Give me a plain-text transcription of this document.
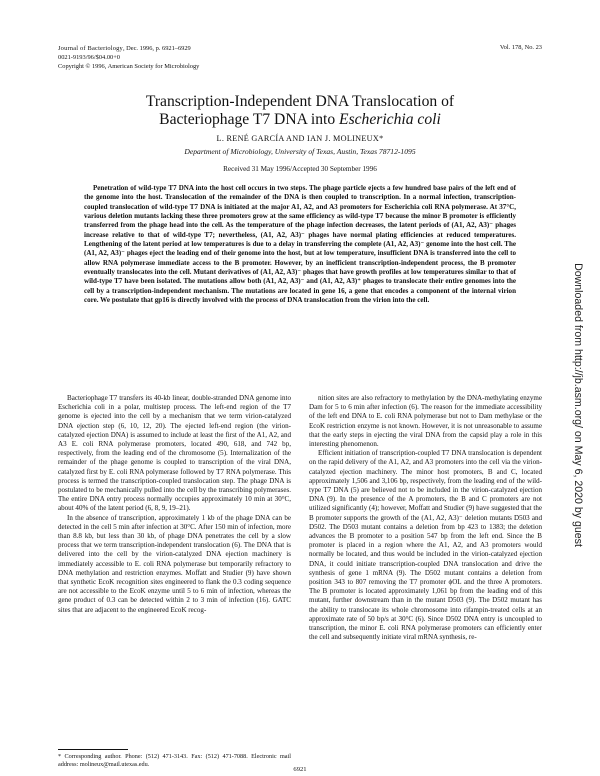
Journal of Bacteriology, Dec. 1996, p. 6921–6929
0021-9193/96/$04.00+0
Copyright © 1996, American Society for Microbiology
Vol. 178, No. 23
Transcription-Independent DNA Translocation of
Bacteriophage T7 DNA into Escherichia coli
L. RENÉ GARCÍA AND IAN J. MOLINEUX*
Department of Microbiology, University of Texas, Austin, Texas 78712-1095
Received 31 May 1996/Accepted 30 September 1996

Penetration of wild-type T7 DNA into the host cell occurs in two steps. The phage particle ejects a few hundred base pairs of the left end of the genome into the host. Translocation of the remainder of the DNA is then coupled to transcription. In a normal infection, transcription-coupled translocation of wild-type T7 DNA is initiated at the major A1, A2, and A3 promoters for Escherichia coli RNA polymerase. At 37°C, various deletion mutants lacking these three promoters grow at the same efficiency as wild-type T7 because the minor B promoter is efficiently transferred from the phage head into the cell. As the temperature of the phage infection decreases, the latent periods of (A1, A2, A3)⁻ phages increase relative to that of wild-type T7; nevertheless, (A1, A2, A3)⁻ phages have normal plating efficiencies at reduced temperatures. Lengthening of the latent period at low temperatures is due to a delay in transferring the complete (A1, A2, A3)⁻ genome into the host cell. The (A1, A2, A3)⁻ phages eject the leading end of their genome into the host, but at low temperature, insufficient DNA is transferred into the cell to allow RNA polymerase immediate access to the B promoter. However, by an inefficient transcription-independent process, the B promoter eventually translocates into the cell. Mutant derivatives of (A1, A2, A3)⁻ phages that have growth profiles at low temperatures similar to that of wild-type T7 have been isolated. The mutations allow both (A1, A2, A3)⁻ and (A1, A2, A3)⁺ phages to translocate their entire genomes into the cell by a transcription-independent mechanism. The mutations are located in gene 16, a gene that encodes a component of the internal virion core. We postulate that gp16 is directly involved with the process of DNA translocation from the virion into the cell.

Bacteriophage T7 transfers its 40-kb linear, double-stranded DNA genome into Escherichia coli in a polar, multistep process. The left-end region of the T7 genome is ejected into the cell by a mechanism that we term virion-catalyzed DNA ejection step (6, 10, 12, 20). The ejected left-end region (the virion-catalyzed ejection DNA) is assumed to include at least the first of the A1, A2, and A3 E. coli RNA polymerase promoters, located 490, 618, and 742 bp, respectively, from the leading end of the chromosome (5). Internalization of the remainder of the phage genome is coupled to transcription of the viral DNA, catalyzed first by E. coli RNA polymerase followed by T7 RNA polymerase. This process is termed the transcription-coupled translocation step. The phage DNA is postulated to be mechanically pulled into the cell by the transcribing polymerases. The entire DNA entry process normally occupies approximately 10 min at 30°C, about 40% of the latent period (6, 8, 9, 19–21).

In the absence of transcription, approximately 1 kb of the phage DNA can be detected in the cell 5 min after infection at 30°C. After 150 min of infection, more than 8.8 kb, but less than 30 kb, of phage DNA penetrates the cell by a slow process that we term transcription-independent translocation (6). The DNA that is delivered into the cell by the virion-catalyzed DNA ejection machinery is immediately accessible to E. coli RNA polymerase but temporarily refractory to DNA methylation and restriction enzymes. Moffatt and Studier (9) have shown that synthetic EcoK recognition sites engineered to flank the 0.3 coding sequence are not accessible to the EcoK enzyme until 5 to 6 min of infection, whereas the gene product of 0.3 can be detected within 2 to 3 min of infection (16). GATC sites that are adjacent to the engineered EcoK recog-

nition sites are also refractory to methylation by the DNA-methylating enzyme Dam for 5 to 6 min after infection (6). The reason for the immediate accessibility of the left end DNA to E. coli RNA polymerase but not to Dam methylase or the EcoK restriction enzyme is not known. However, it is not unreasonable to assume that the early steps in ejecting the viral DNA from the capsid play a role in this interesting phenomenon.

Efficient initiation of transcription-coupled T7 DNA translocation is dependent on the rapid delivery of the A1, A2, and A3 promoters into the cell via the virion-catalyzed ejection machinery. The minor host promoters, B and C, located approximately 1,506 and 3,106 bp, respectively, from the leading end of the wild-type T7 DNA (5) are believed not to be included in the virion-catalyzed ejection DNA (9). In the presence of the A promoters, the B and C promoters are not utilized significantly (4); however, Moffatt and Studier (9) have suggested that the B promoter supports the growth of the (A1, A2, A3)⁻ deletion mutants D503 and D502. The D503 mutant contains a deletion from bp 423 to 1383; the deletion advances the B promoter to a position 547 bp from the left end. Since the B promoter is placed in a region where the A1, A2, and A3 promoters would normally be located, and thus would be included in the virion-catalyzed ejection DNA, it could initiate transcription-coupled DNA translocation and drive the synthesis of gene 1 mRNA (9). The D502 mutant contains a deletion from position 343 to 807 removing the T7 promoter ϕOL and the three A promoters. The B promoter is located approximately 1,061 bp from the leading end of this mutant, further downstream than in the mutant D503 (9). The D502 mutant has the ability to translocate its whole chromosome into rifampin-treated cells at an approximate rate of 50 bp/s at 30°C (6). Since D502 DNA entry is uncoupled to transcription, the minor E. coli RNA polymerase promoters can efficiently enter the cell and subsequently initiate viral mRNA synthesis, re-

* Corresponding author. Phone: (512) 471-3143. Fax: (512) 471-7088. Electronic mail address: molineux@mail.utexas.edu.
6921
Downloaded from http://jb.asm.org/ on May 6, 2020 by guest
